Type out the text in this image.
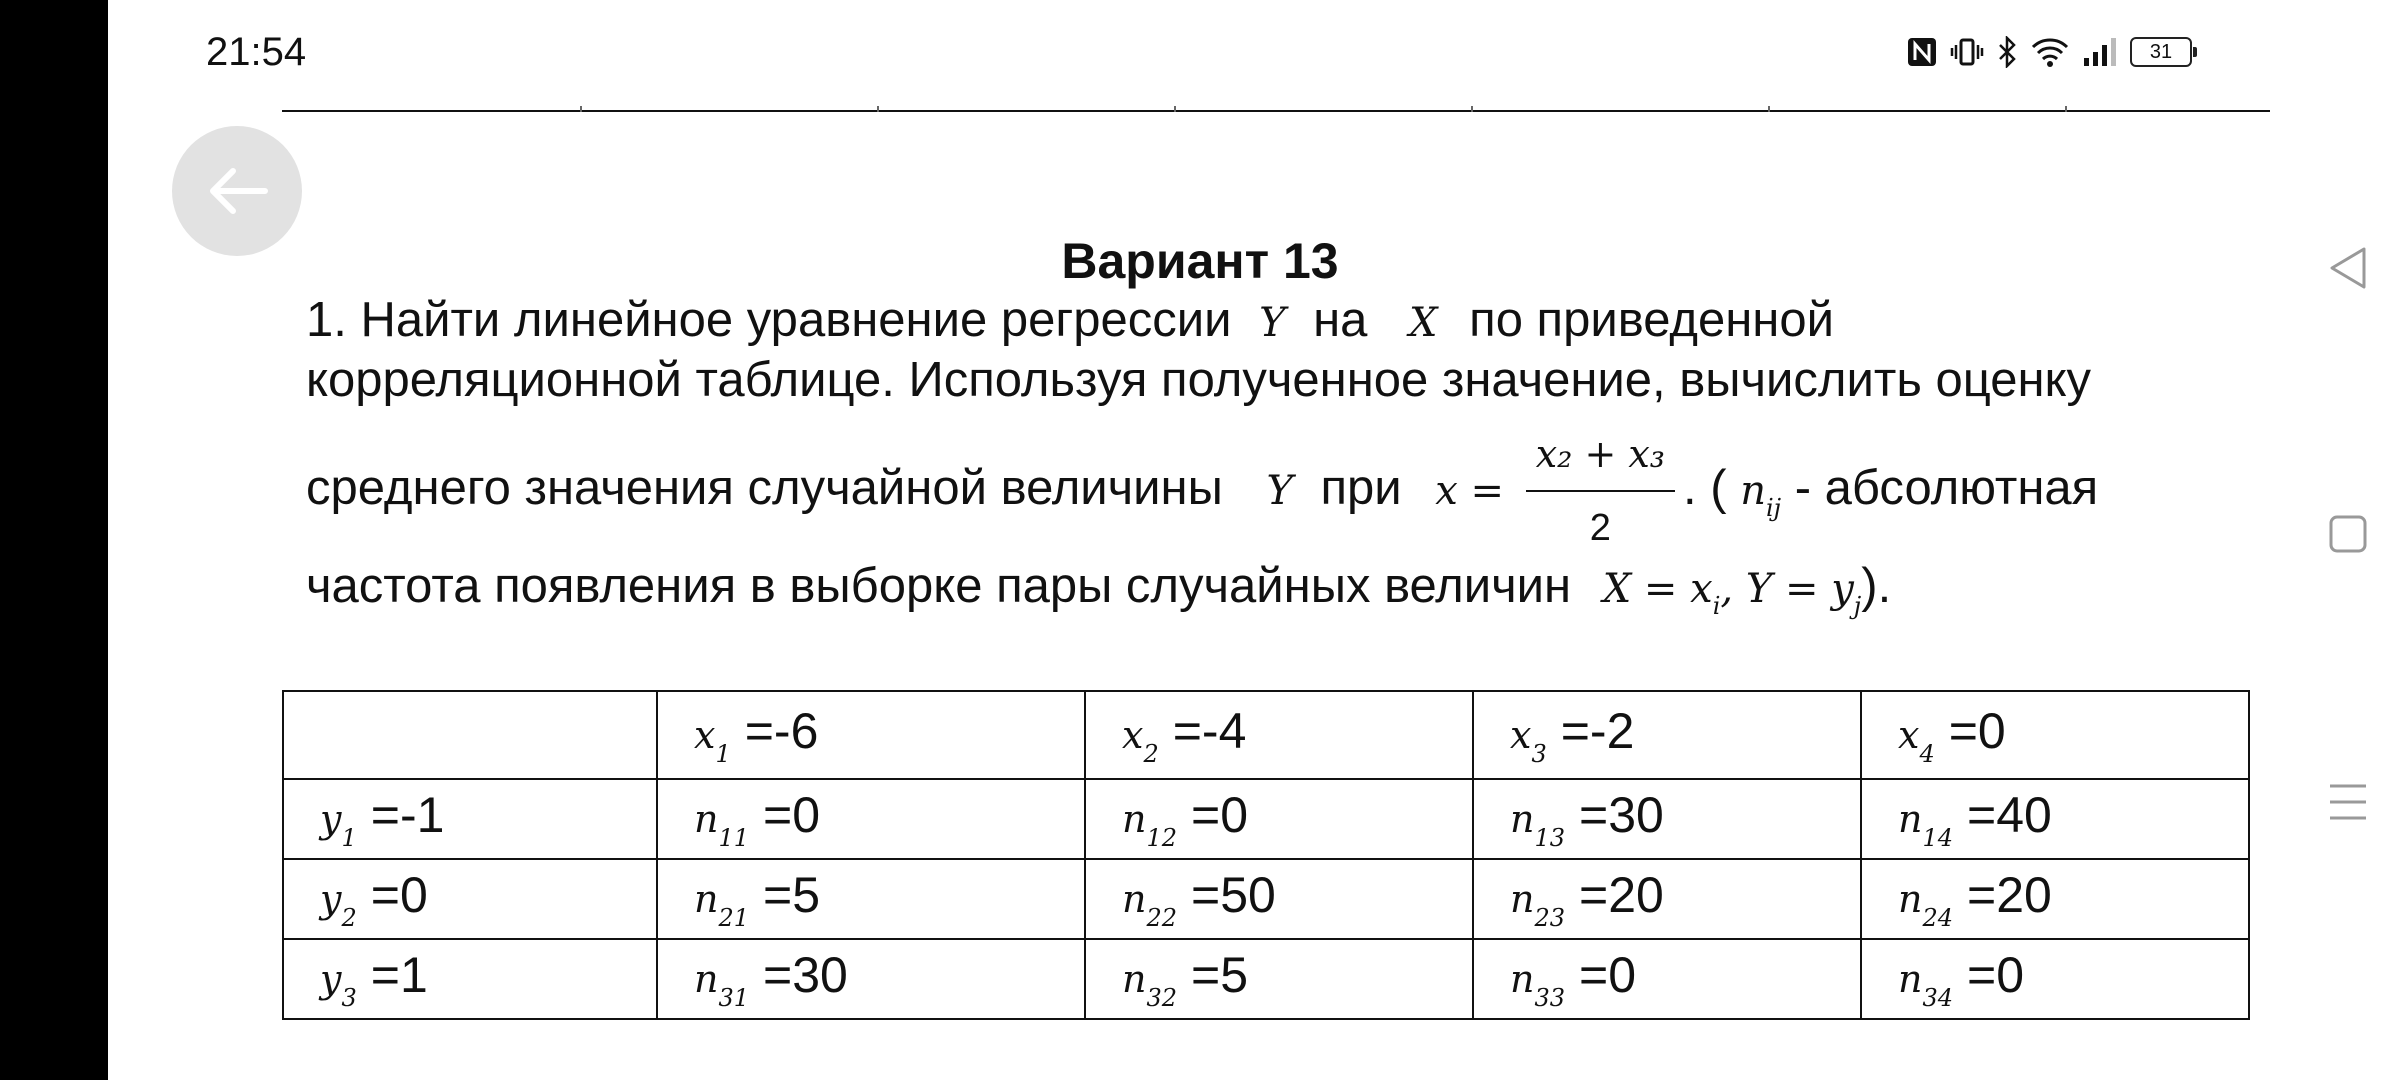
21:54	31
Вариант 13
1. Найти линейное уравнение регрессии Y на X по приведенной
корреляционной таблице. Используя полученное значение, вычислить оценку
среднего значения случайной величины Y при $x = \frac{\text{x₂ + x₃}}{2}$ . ( $n_{ij}$ - абсолютная
частота появления в выборке пары случайных величин $X = x_i$, $Y = y_j$).
	$x_1 =-6$	$x_2 =-4$	$x_3 =-2$	$x_4 =0$
$y_1 =-1$	$n_{11} =0$	$n_{12} =0$	$n_{13} =30$	$n_{14} =40$
$y_2 =0$	$n_{21} =5$	$n_{22} =50$	$n_{23} =20$	$n_{24} =20$
$y_3 =1$	$n_{31} =30$	$n_{32} =5$	$n_{33} =0$	$n_{34} =0$
